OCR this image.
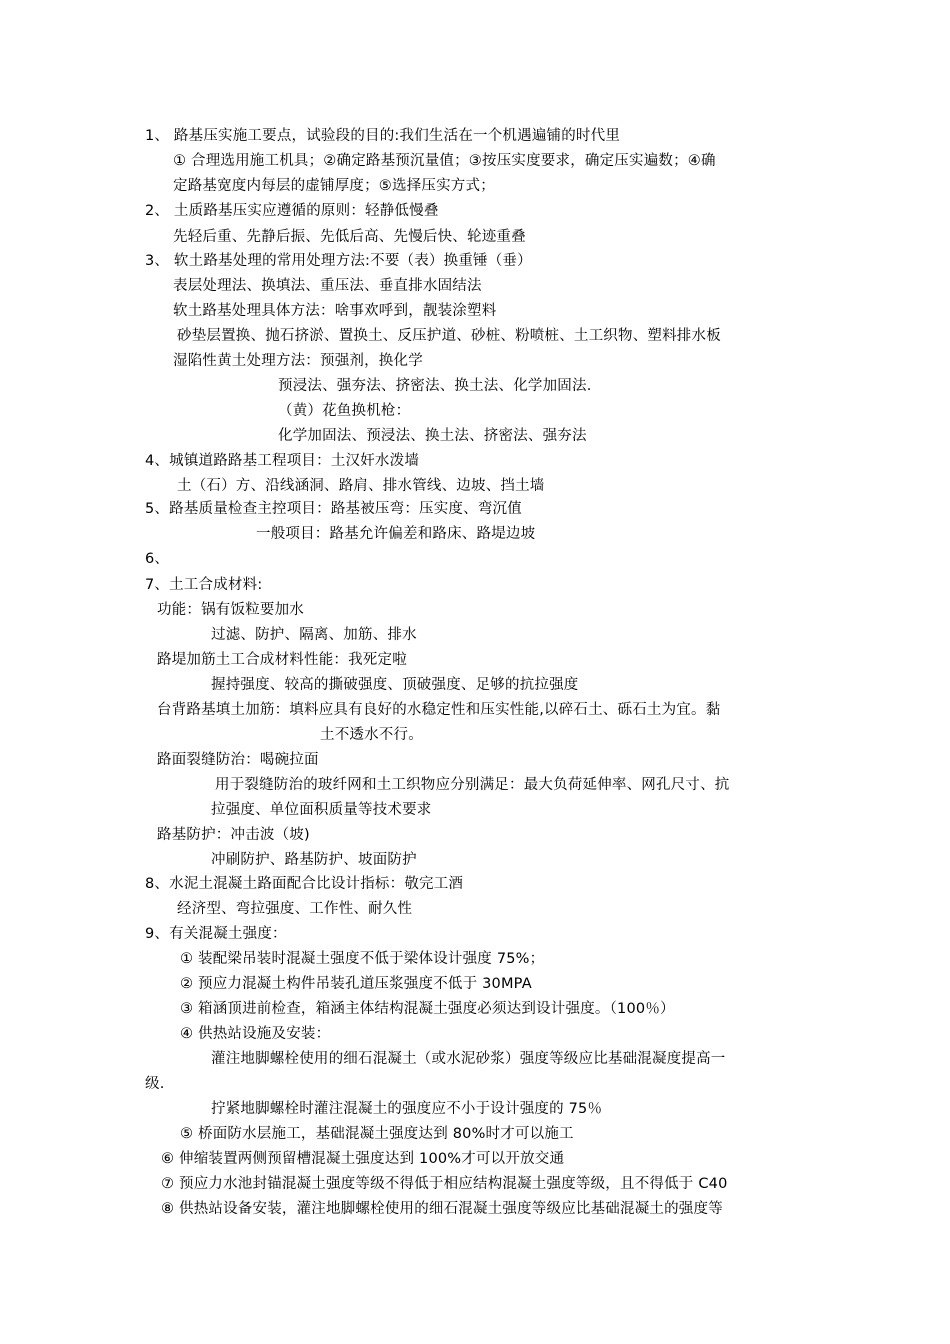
1、 路基压实施工要点，试验段的目的:我们生活在一个机遇遍铺的时代里
① 合理选用施工机具；②确定路基预沉量值；③按压实度要求，确定压实遍数；④确
定路基宽度内每层的虚铺厚度；⑤选择压实方式；
2、 土质路基压实应遵循的原则：轻静低慢叠
先轻后重、先静后振、先低后高、先慢后快、轮迹重叠
3、 软土路基处理的常用处理方法:不要（表）换重锤（垂）
表层处理法、换填法、重压法、垂直排水固结法
软土路基处理具体方法：啥事欢呼到，靓装涂塑料
砂垫层置换、抛石挤淤、置换土、反压护道、砂桩、粉喷桩、土工织物、塑料排水板
湿陷性黄土处理方法：预强剂，换化学
预浸法、强夯法、挤密法、换土法、化学加固法.
（黄）花鱼换机枪：
化学加固法、预浸法、换土法、挤密法、强夯法
4、城镇道路路基工程项目：土汉奸水泼墙
土（石）方、沿线涵洞、路肩、排水管线、边坡、挡土墙
5、路基质量检查主控项目：路基被压弯：压实度、弯沉值
一般项目：路基允许偏差和路床、路堤边坡
6、
7、土工合成材料:
功能：锅有饭粒要加水
过滤、防护、隔离、加筋、排水
路堤加筋土工合成材料性能：我死定啦
握持强度、较高的撕破强度、顶破强度、足够的抗拉强度
台背路基填土加筋：填料应具有良好的水稳定性和压实性能,以碎石土、砾石土为宜。黏
土不透水不行。
路面裂缝防治：喝碗拉面
用于裂缝防治的玻纤网和土工织物应分别满足：最大负荷延伸率、网孔尺寸、抗
拉强度、单位面积质量等技术要求
路基防护：冲击波（坡)
冲刷防护、路基防护、坡面防护
8、水泥土混凝土路面配合比设计指标：敬完工酒
经济型、弯拉强度、工作性、耐久性
9、有关混凝土强度：
① 装配梁吊装时混凝土强度不低于梁体设计强度 75%；
② 预应力混凝土构件吊装孔道压浆强度不低于 30MPA
③ 箱涵顶进前检查，箱涵主体结构混凝土强度必须达到设计强度。（100％）
④ 供热站设施及安装：
灌注地脚螺栓使用的细石混凝土（或水泥砂浆）强度等级应比基础混凝度提高一
级.
拧紧地脚螺栓时灌注混凝土的强度应不小于设计强度的 75％
⑤ 桥面防水层施工，基础混凝土强度达到 80%时才可以施工
⑥ 伸缩装置两侧预留槽混凝土强度达到 100%才可以开放交通
⑦ 预应力水池封锚混凝土强度等级不得低于相应结构混凝土强度等级，且不得低于 C40
⑧ 供热站设备安装，灌注地脚螺栓使用的细石混凝土强度等级应比基础混凝土的强度等
